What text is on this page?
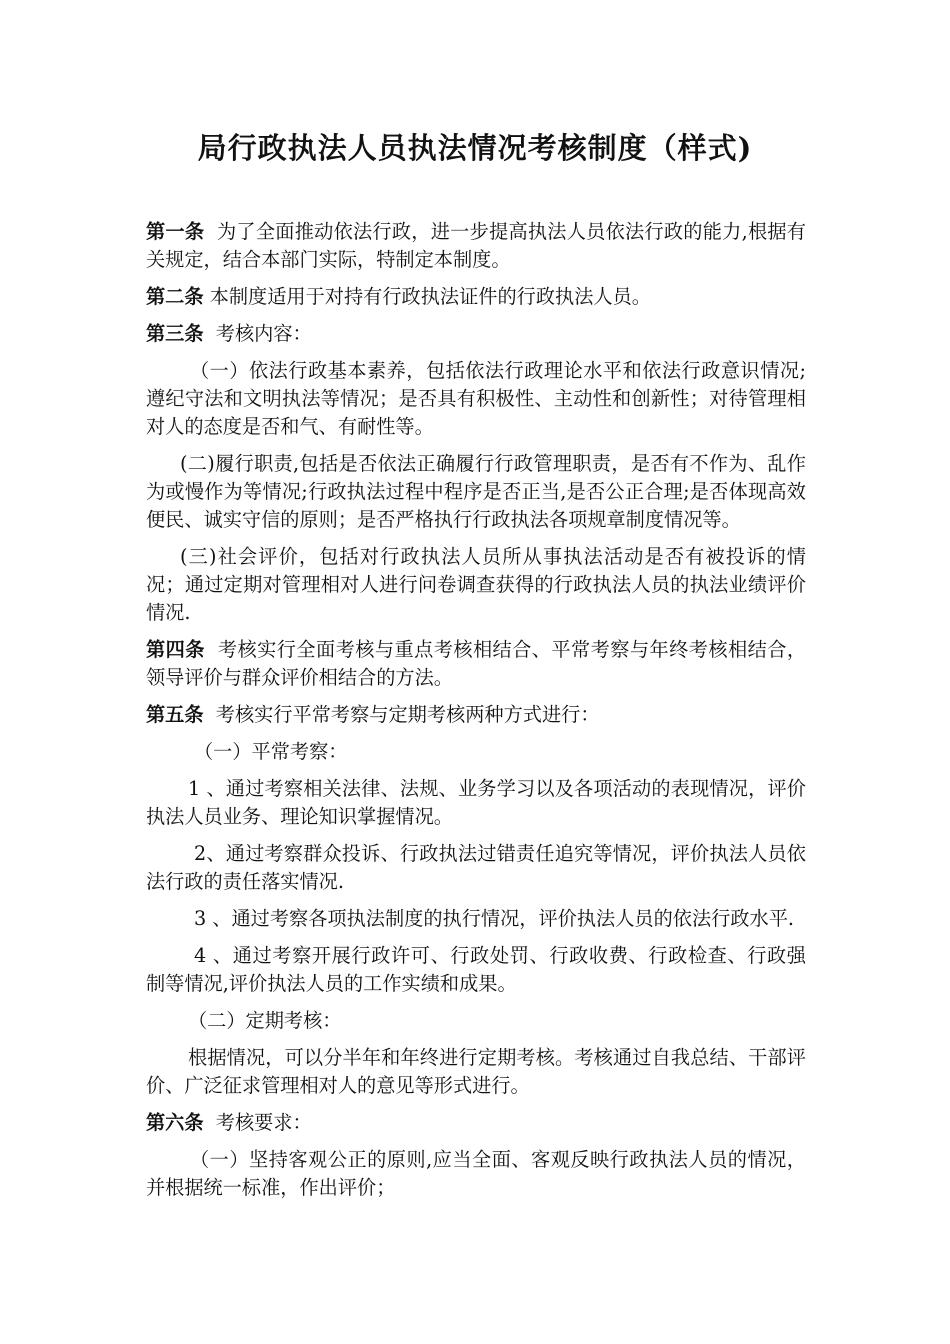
局行政执法人员执法情况考核制度（样式)

第一条 为了全面推动依法行政，进一步提高执法人员依法行政的能力,根据有关规定，结合本部门实际，特制定本制度。

第二条 本制度适用于对持有行政执法证件的行政执法人员。

第三条 考核内容：

（一）依法行政基本素养，包括依法行政理论水平和依法行政意识情况;遵纪守法和文明执法等情况；是否具有积极性、主动性和创新性；对待管理相对人的态度是否和气、有耐性等。

(二)履行职责,包括是否依法正确履行行政管理职责，是否有不作为、乱作为或慢作为等情况;行政执法过程中程序是否正当,是否公正合理;是否体现高效便民、诚实守信的原则；是否严格执行行政执法各项规章制度情况等。

(三)社会评价，包括对行政执法人员所从事执法活动是否有被投诉的情况；通过定期对管理相对人进行问卷调查获得的行政执法人员的执法业绩评价情况.

第四条 考核实行全面考核与重点考核相结合、平常考察与年终考核相结合，领导评价与群众评价相结合的方法。

第五条 考核实行平常考察与定期考核两种方式进行：

（一）平常考察：

1 、通过考察相关法律、法规、业务学习以及各项活动的表现情况，评价执法人员业务、理论知识掌握情况。

2、通过考察群众投诉、行政执法过错责任追究等情况，评价执法人员依法行政的责任落实情况.

3 、通过考察各项执法制度的执行情况，评价执法人员的依法行政水平.

4 、通过考察开展行政许可、行政处罚、行政收费、行政检查、行政强制等情况,评价执法人员的工作实绩和成果。

（二）定期考核：

根据情况，可以分半年和年终进行定期考核。考核通过自我总结、干部评价、广泛征求管理相对人的意见等形式进行。

第六条 考核要求：

（一）坚持客观公正的原则,应当全面、客观反映行政执法人员的情况，并根据统一标准，作出评价；
